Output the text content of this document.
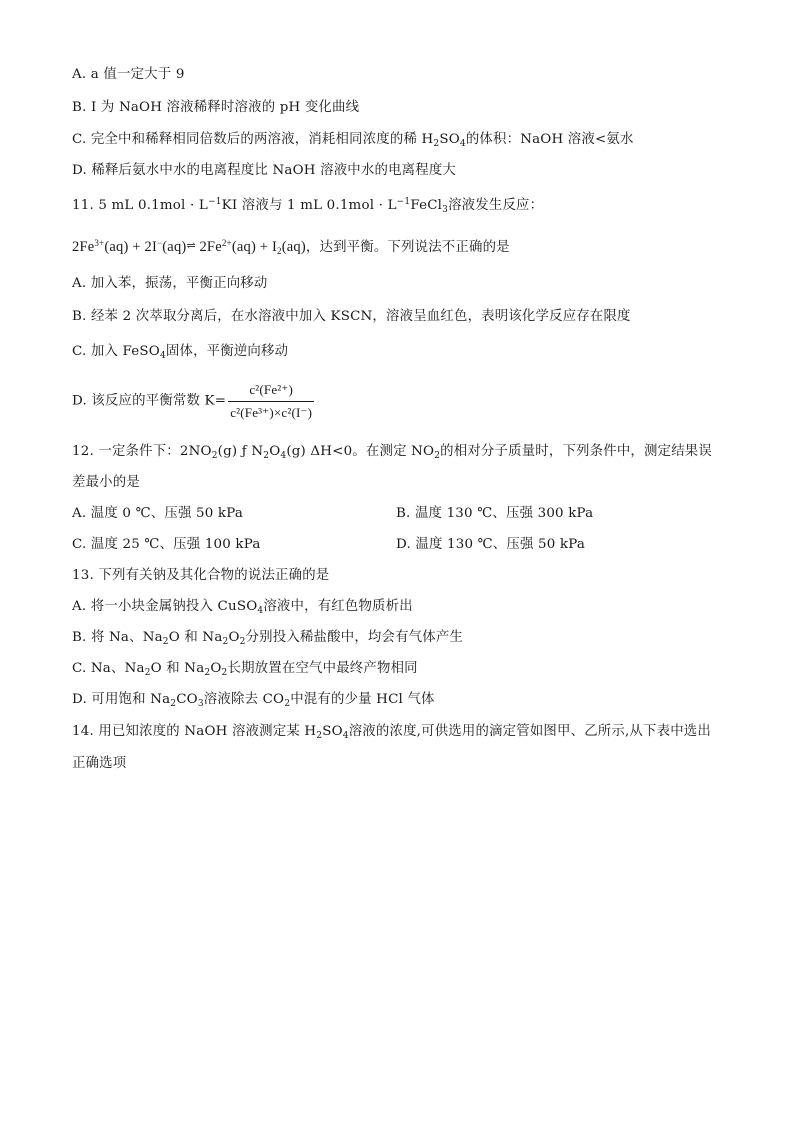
A. a 值一定大于 9
B. I 为 NaOH 溶液稀释时溶液的 pH 变化曲线
C. 完全中和稀释相同倍数后的两溶液，消耗相同浓度的稀 $H_2SO_4$的体积：NaOH 溶液<氨水
D. 稀释后氨水中水的电离程度比 NaOH 溶液中水的电离程度大
11. 5 mL $0.1mol \cdot L^{-1}KI$ 溶液与 1 mL $0.1mol \cdot L^{-1}FeCl_3$溶液发生反应：
$2Fe^{3+}(aq)$ + 2I−(aq)⇌ $2Fe^{2+}(aq) + I_2(aq)$，达到平衡。下列说法不正确的是
A. 加入苯，振荡，平衡正向移动
B. 经苯 2 次萃取分离后，在水溶液中加入 KSCN，溶液呈血红色，表明该化学反应存在限度
C. 加入 FeSO$_4$固体，平衡逆向移动
D. 该反应的平衡常数 $K= \frac{\text{c²(Fe²⁺)}}{\text{c²(Fe³⁺)×c²(I⁻)}}$
12. 一定条件下：$2NO_2(g)$ ƒ $N_2O_4(g)$ ΔH<0。在测定 $NO_2$的相对分子质量时，下列条件中，测定结果误
差最小的是
A. 温度 0 ℃、压强 50 kPa	B. 温度 130 ℃、压强 300 kPa
C. 温度 25 ℃、压强 100 kPa	D. 温度 130 ℃、压强 50 kPa
13. 下列有关钠及其化合物的说法正确的是
A. 将一小块金属钠投入 CuSO$_4$溶液中，有红色物质析出
B. 将 Na、$Na_2O$ 和 $Na_2O_2$分别投入稀盐酸中，均会有气体产生
C. Na、$Na_2O$ 和 $Na_2O_2$长期放置在空气中最终产物相同
D. 可用饱和 $Na_2CO_3$溶液除去 $CO_2$中混有的少量 HCl 气体
14. 用已知浓度的 NaOH 溶液测定某 $H_2SO_4$溶液的浓度,可供选用的滴定管如图甲、乙所示,从下表中选出
正确选项
